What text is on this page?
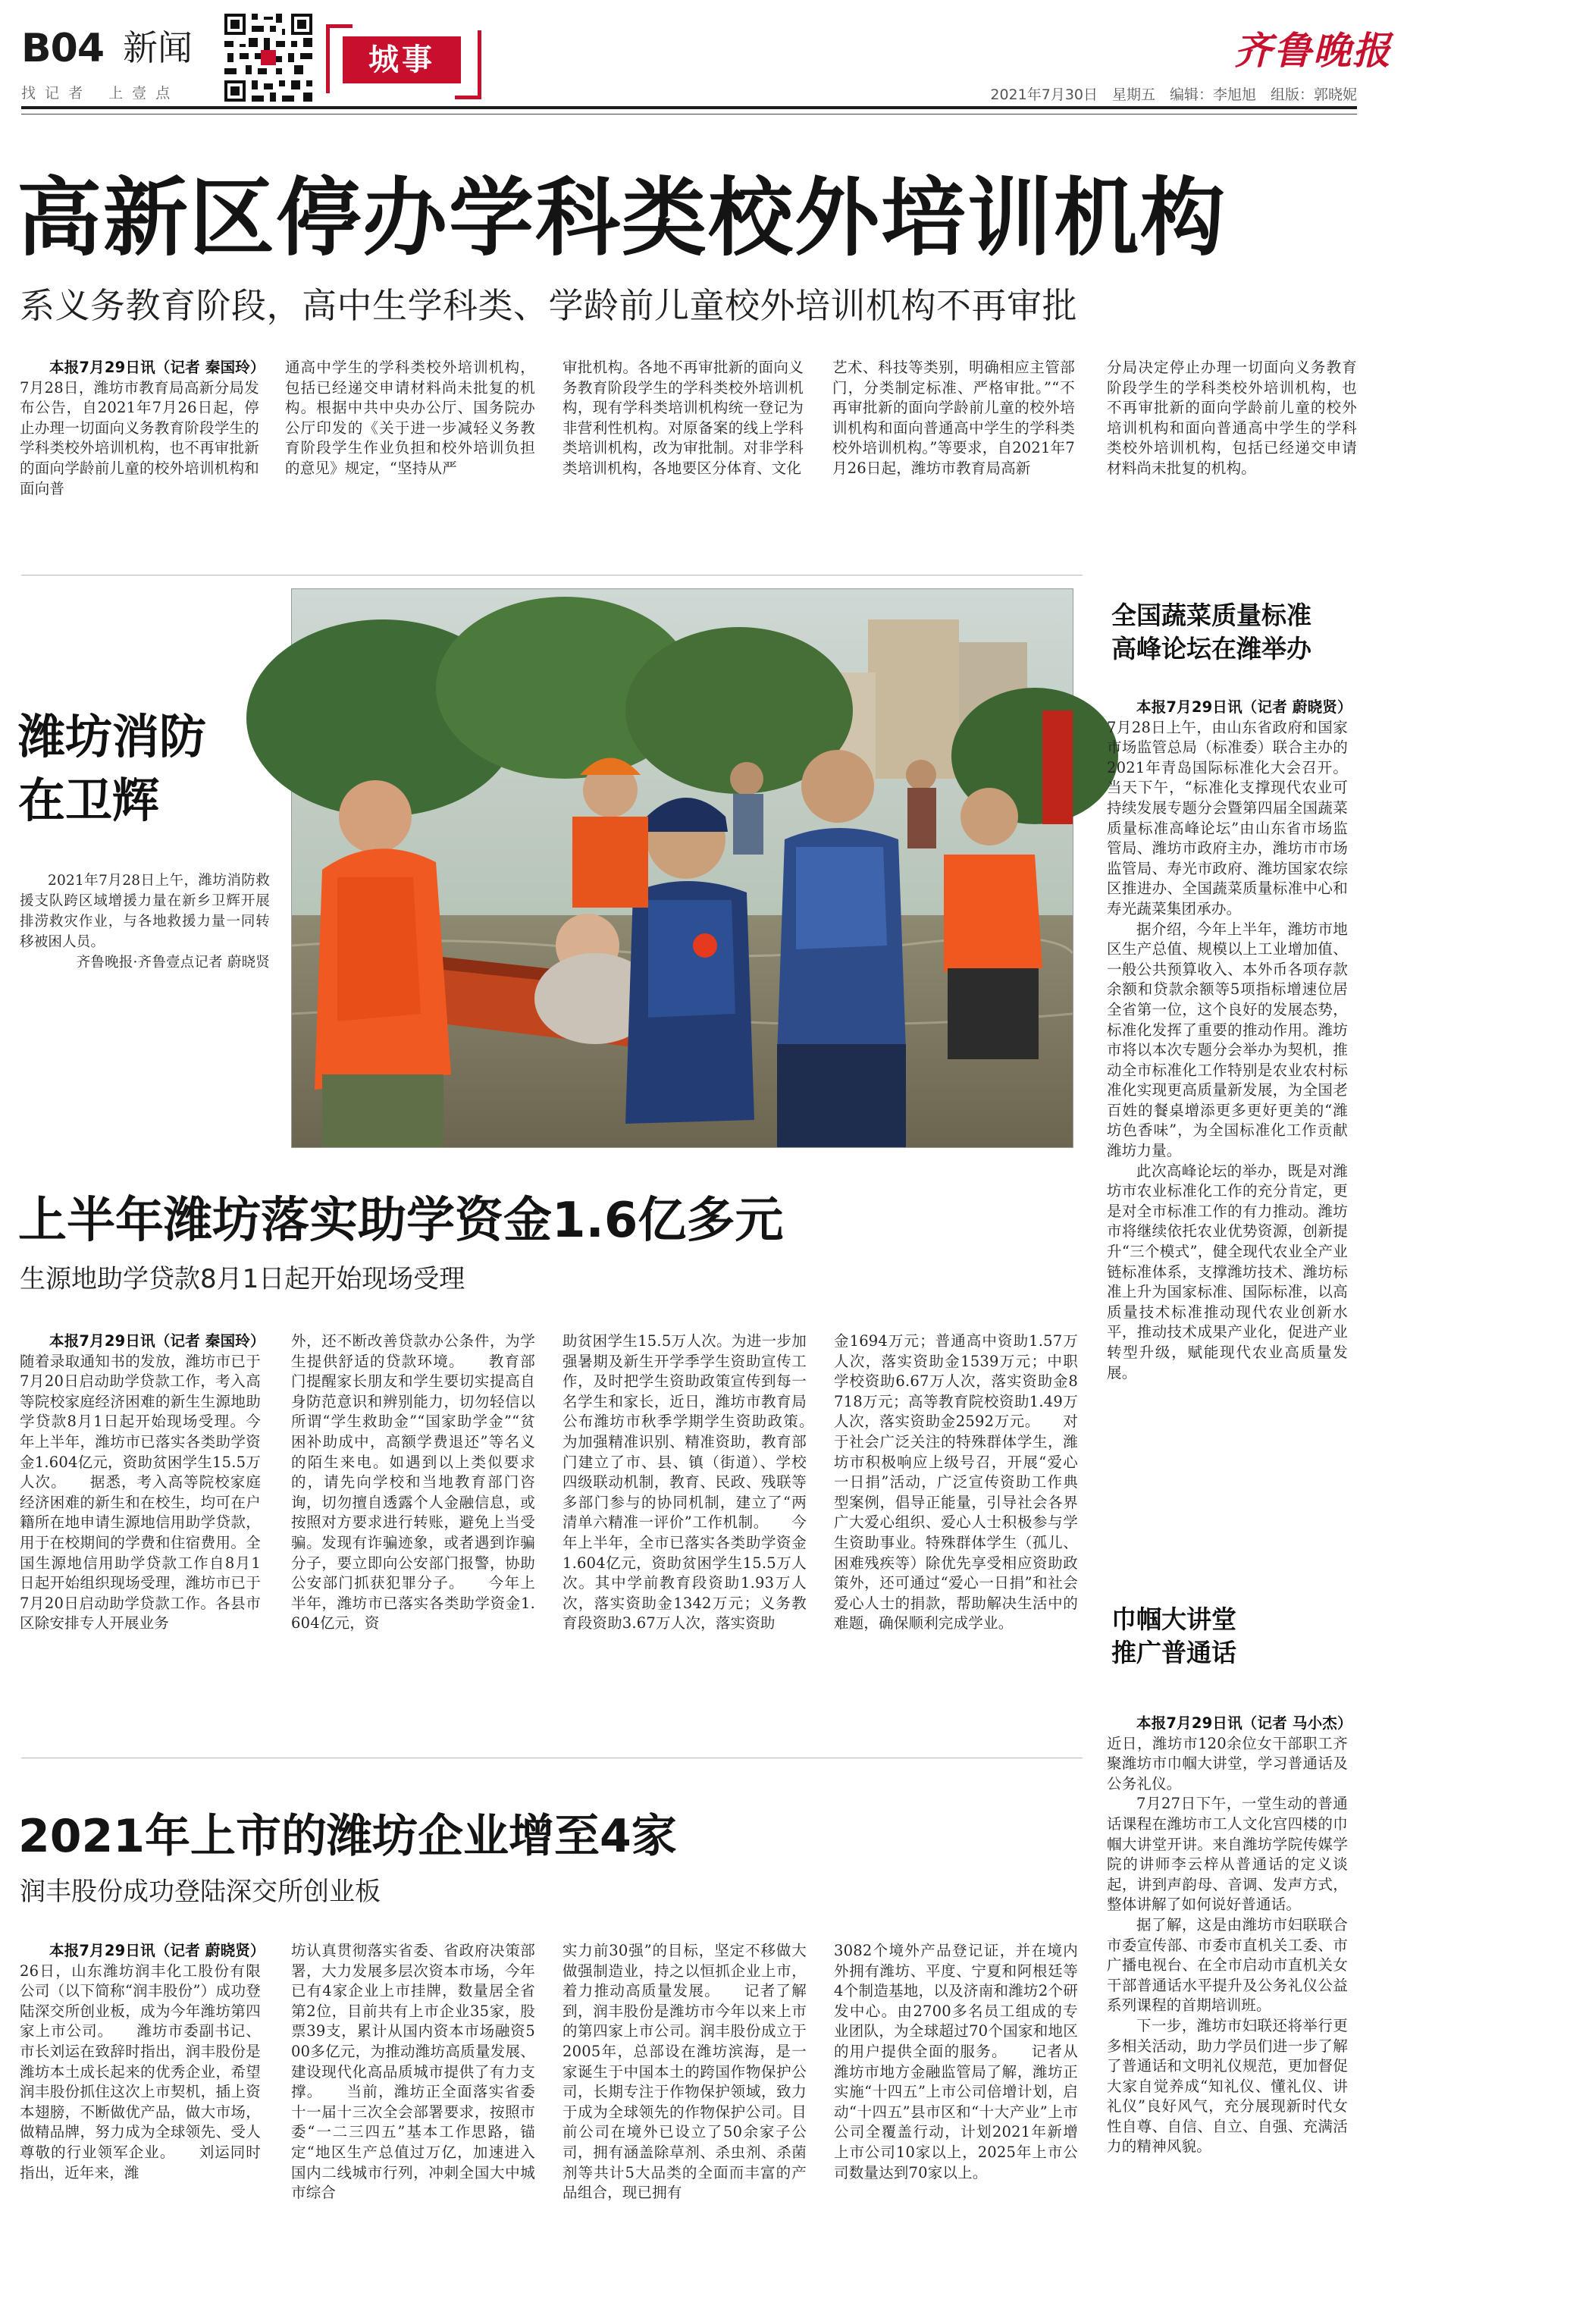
B04 新闻
找 记 者　 上 壹 点
城事	齐鲁晚报
2021年7月30日　星期五　编辑：李旭旭　组版：郭晓妮
高新区停办学科类校外培训机构
系义务教育阶段，高中生学科类、学龄前儿童校外培训机构不再审批

本报7月29日讯（记者 秦国玲）7月28日，潍坊市教育局高新分局发布公告，自2021年7月26日起，停止办理一切面向义务教育阶段学生的学科类校外培训机构，也不再审批新的面向学龄前儿童的校外培训机构和面向普

通高中学生的学科类校外培训机构，包括已经递交申请材料尚未批复的机构。根据中共中央办公厅、国务院办公厅印发的《关于进一步减轻义务教育阶段学生作业负担和校外培训负担的意见》规定，“坚持从严
审批机构。各地不再审批新的面向义务教育阶段学生的学科类校外培训机构，现有学科类培训机构统一登记为非营利性机构。对原备案的线上学科类培训机构，改为审批制。对非学科类培训机构，各地要区分体育、文化
艺术、科技等类别，明确相应主管部门，分类制定标准、严格审批。”“不再审批新的面向学龄前儿童的校外培训机构和面向普通高中学生的学科类校外培训机构。”等要求，自2021年7月26日起，潍坊市教育局高新
分局决定停止办理一切面向义务教育阶段学生的学科类校外培训机构，也不再审批新的面向学龄前儿童的校外培训机构和面向普通高中学生的学科类校外培训机构，包括已经递交申请材料尚未批复的机构。
潍坊消防
在卫辉

2021年7月28日上午，潍坊消防救援支队跨区域增援力量在新乡卫辉开展排涝救灾作业，与各地救援力量一同转移被困人员。

齐鲁晚报·齐鲁壹点记者 蔚晓贤
全国蔬菜质量标准
高峰论坛在潍举办

本报7月29日讯（记者 蔚晓贤）7月28日上午，由山东省政府和国家市场监管总局（标准委）联合主办的2021年青岛国际标准化大会召开。当天下午，“标准化支撑现代农业可持续发展专题分会暨第四届全国蔬菜质量标准高峰论坛”由山东省市场监管局、潍坊市政府主办，潍坊市市场监管局、寿光市政府、潍坊国家农综区推进办、全国蔬菜质量标准中心和寿光蔬菜集团承办。

据介绍，今年上半年，潍坊市地区生产总值、规模以上工业增加值、一般公共预算收入、本外币各项存款余额和贷款余额等5项指标增速位居全省第一位，这个良好的发展态势，标准化发挥了重要的推动作用。潍坊市将以本次专题分会举办为契机，推动全市标准化工作特别是农业农村标准化实现更高质量新发展，为全国老百姓的餐桌增添更多更好更美的“潍坊色香味”，为全国标准化工作贡献潍坊力量。

此次高峰论坛的举办，既是对潍坊市农业标准化工作的充分肯定，更是对全市标准工作的有力推动。潍坊市将继续依托农业优势资源，创新提升“三个模式”，健全现代农业全产业链标准体系，支撑潍坊技术、潍坊标准上升为国家标准、国际标准，以高质量技术标准推动现代农业创新水平，推动技术成果产业化，促进产业转型升级，赋能现代农业高质量发展。

上半年潍坊落实助学资金1.6亿多元
生源地助学贷款8月1日起开始现场受理

本报7月29日讯（记者 秦国玲）随着录取通知书的发放，潍坊市已于7月20日启动助学贷款工作，考入高等院校家庭经济困难的新生生源地助学贷款8月1日起开始现场受理。今年上半年，潍坊市已落实各类助学资金1.604亿元，资助贫困学生15.5万人次。　　据悉，考入高等院校家庭经济困难的新生和在校生，均可在户籍所在地申请生源地信用助学贷款，用于在校期间的学费和住宿费用。全国生源地信用助学贷款工作自8月1日起开始组织现场受理，潍坊市已于7月20日启动助学贷款工作。各县市区除安排专人开展业务

外，还不断改善贷款办公条件，为学生提供舒适的贷款环境。　　教育部门提醒家长朋友和学生要切实提高自身防范意识和辨别能力，切勿轻信以所谓“学生救助金”“国家助学金”“贫困补助成中，高额学费退还”等名义的陌生来电。如遇到以上类似要求的，请先向学校和当地教育部门咨询，切勿擅自透露个人金融信息，或按照对方要求进行转账，避免上当受骗。发现有诈骗迹象，或者遇到诈骗分子，要立即向公安部门报警，协助公安部门抓获犯罪分子。　　今年上半年，潍坊市已落实各类助学资金1.604亿元，资
助贫困学生15.5万人次。为进一步加强暑期及新生开学季学生资助宣传工作，及时把学生资助政策宣传到每一名学生和家长，近日，潍坊市教育局公布潍坊市秋季学期学生资助政策。　　为加强精准识别、精准资助，教育部门建立了市、县、镇（街道）、学校四级联动机制，教育、民政、残联等多部门参与的协同机制，建立了“两清单六精准一评价”工作机制。　　今年上半年，全市已落实各类助学资金1.604亿元，资助贫困学生15.5万人次。其中学前教育段资助1.93万人次，落实资助金1342万元；义务教育段资助3.67万人次，落实资助
金1694万元；普通高中资助1.57万人次，落实资助金1539万元；中职学校资助6.67万人次，落实资助金8718万元；高等教育院校资助1.49万人次，落实资助金2592万元。　　对于社会广泛关注的特殊群体学生，潍坊市积极响应上级号召，开展“爱心一日捐”活动，广泛宣传资助工作典型案例，倡导正能量，引导社会各界广大爱心组织、爱心人士积极参与学生资助事业。特殊群体学生（孤儿、困难残疾等）除优先享受相应资助政策外，还可通过“爱心一日捐”和社会爱心人士的捐款，帮助解决生活中的难题，确保顺利完成学业。	巾帼大讲堂
推广普通话

本报7月29日讯（记者 马小杰）近日，潍坊市120余位女干部职工齐聚潍坊市巾帼大讲堂，学习普通话及公务礼仪。

7月27日下午，一堂生动的普通话课程在潍坊市工人文化宫四楼的巾帼大讲堂开讲。来自潍坊学院传媒学院的讲师李云梓从普通话的定义谈起，讲到声韵母、音调、发声方式，整体讲解了如何说好普通话。

据了解，这是由潍坊市妇联联合市委宣传部、市委市直机关工委、市广播电视台、在全市启动市直机关女干部普通话水平提升及公务礼仪公益系列课程的首期培训班。

下一步，潍坊市妇联还将举行更多相关活动，助力学员们进一步了解了普通话和文明礼仪规范，更加督促大家自觉养成“知礼仪、懂礼仪、讲礼仪”良好风气，充分展现新时代女性自尊、自信、自立、自强、充满活力的精神风貌。

2021年上市的潍坊企业增至4家
润丰股份成功登陆深交所创业板

本报7月29日讯（记者 蔚晓贤）26日，山东潍坊润丰化工股份有限公司（以下简称“润丰股份”）成功登陆深交所创业板，成为今年潍坊第四家上市公司。　　潍坊市委副书记、市长刘运在致辞时指出，润丰股份是潍坊本土成长起来的优秀企业，希望润丰股份抓住这次上市契机，插上资本翅膀，不断做优产品，做大市场，做精品牌，努力成为全球领先、受人尊敬的行业领军企业。　　刘运同时指出，近年来，潍

坊认真贯彻落实省委、省政府决策部署，大力发展多层次资本市场，今年已有4家企业上市挂牌，数量居全省第2位，目前共有上市企业35家，股票39支，累计从国内资本市场融资500多亿元，为推动潍坊高质量发展、建设现代化高品质城市提供了有力支撑。　　当前，潍坊正全面落实省委十一届十三次全会部署要求，按照市委“一二三四五”基本工作思路，锚定“地区生产总值过万亿，加速进入国内二线城市行列，冲刺全国大中城市综合
实力前30强”的目标，坚定不移做大做强制造业，持之以恒抓企业上市，着力推动高质量发展。　　记者了解到，润丰股份是潍坊市今年以来上市的第四家上市公司。润丰股份成立于2005年，总部设在潍坊滨海，是一家诞生于中国本土的跨国作物保护公司，长期专注于作物保护领域，致力于成为全球领先的作物保护公司。目前公司在境外已设立了50余家子公司，拥有涵盖除草剂、杀虫剂、杀菌剂等共计5大品类的全面而丰富的产品组合，现已拥有
3082个境外产品登记证，并在境内外拥有潍坊、平度、宁夏和阿根廷等4个制造基地，以及济南和潍坊2个研发中心。由2700多名员工组成的专业团队，为全球超过70个国家和地区的用户提供全面的服务。　　记者从潍坊市地方金融监管局了解，潍坊正实施“十四五”上市公司倍增计划，启动“十四五”县市区和“十大产业”上市公司全覆盖行动，计划2021年新增上市公司10家以上，2025年上市公司数量达到70家以上。
